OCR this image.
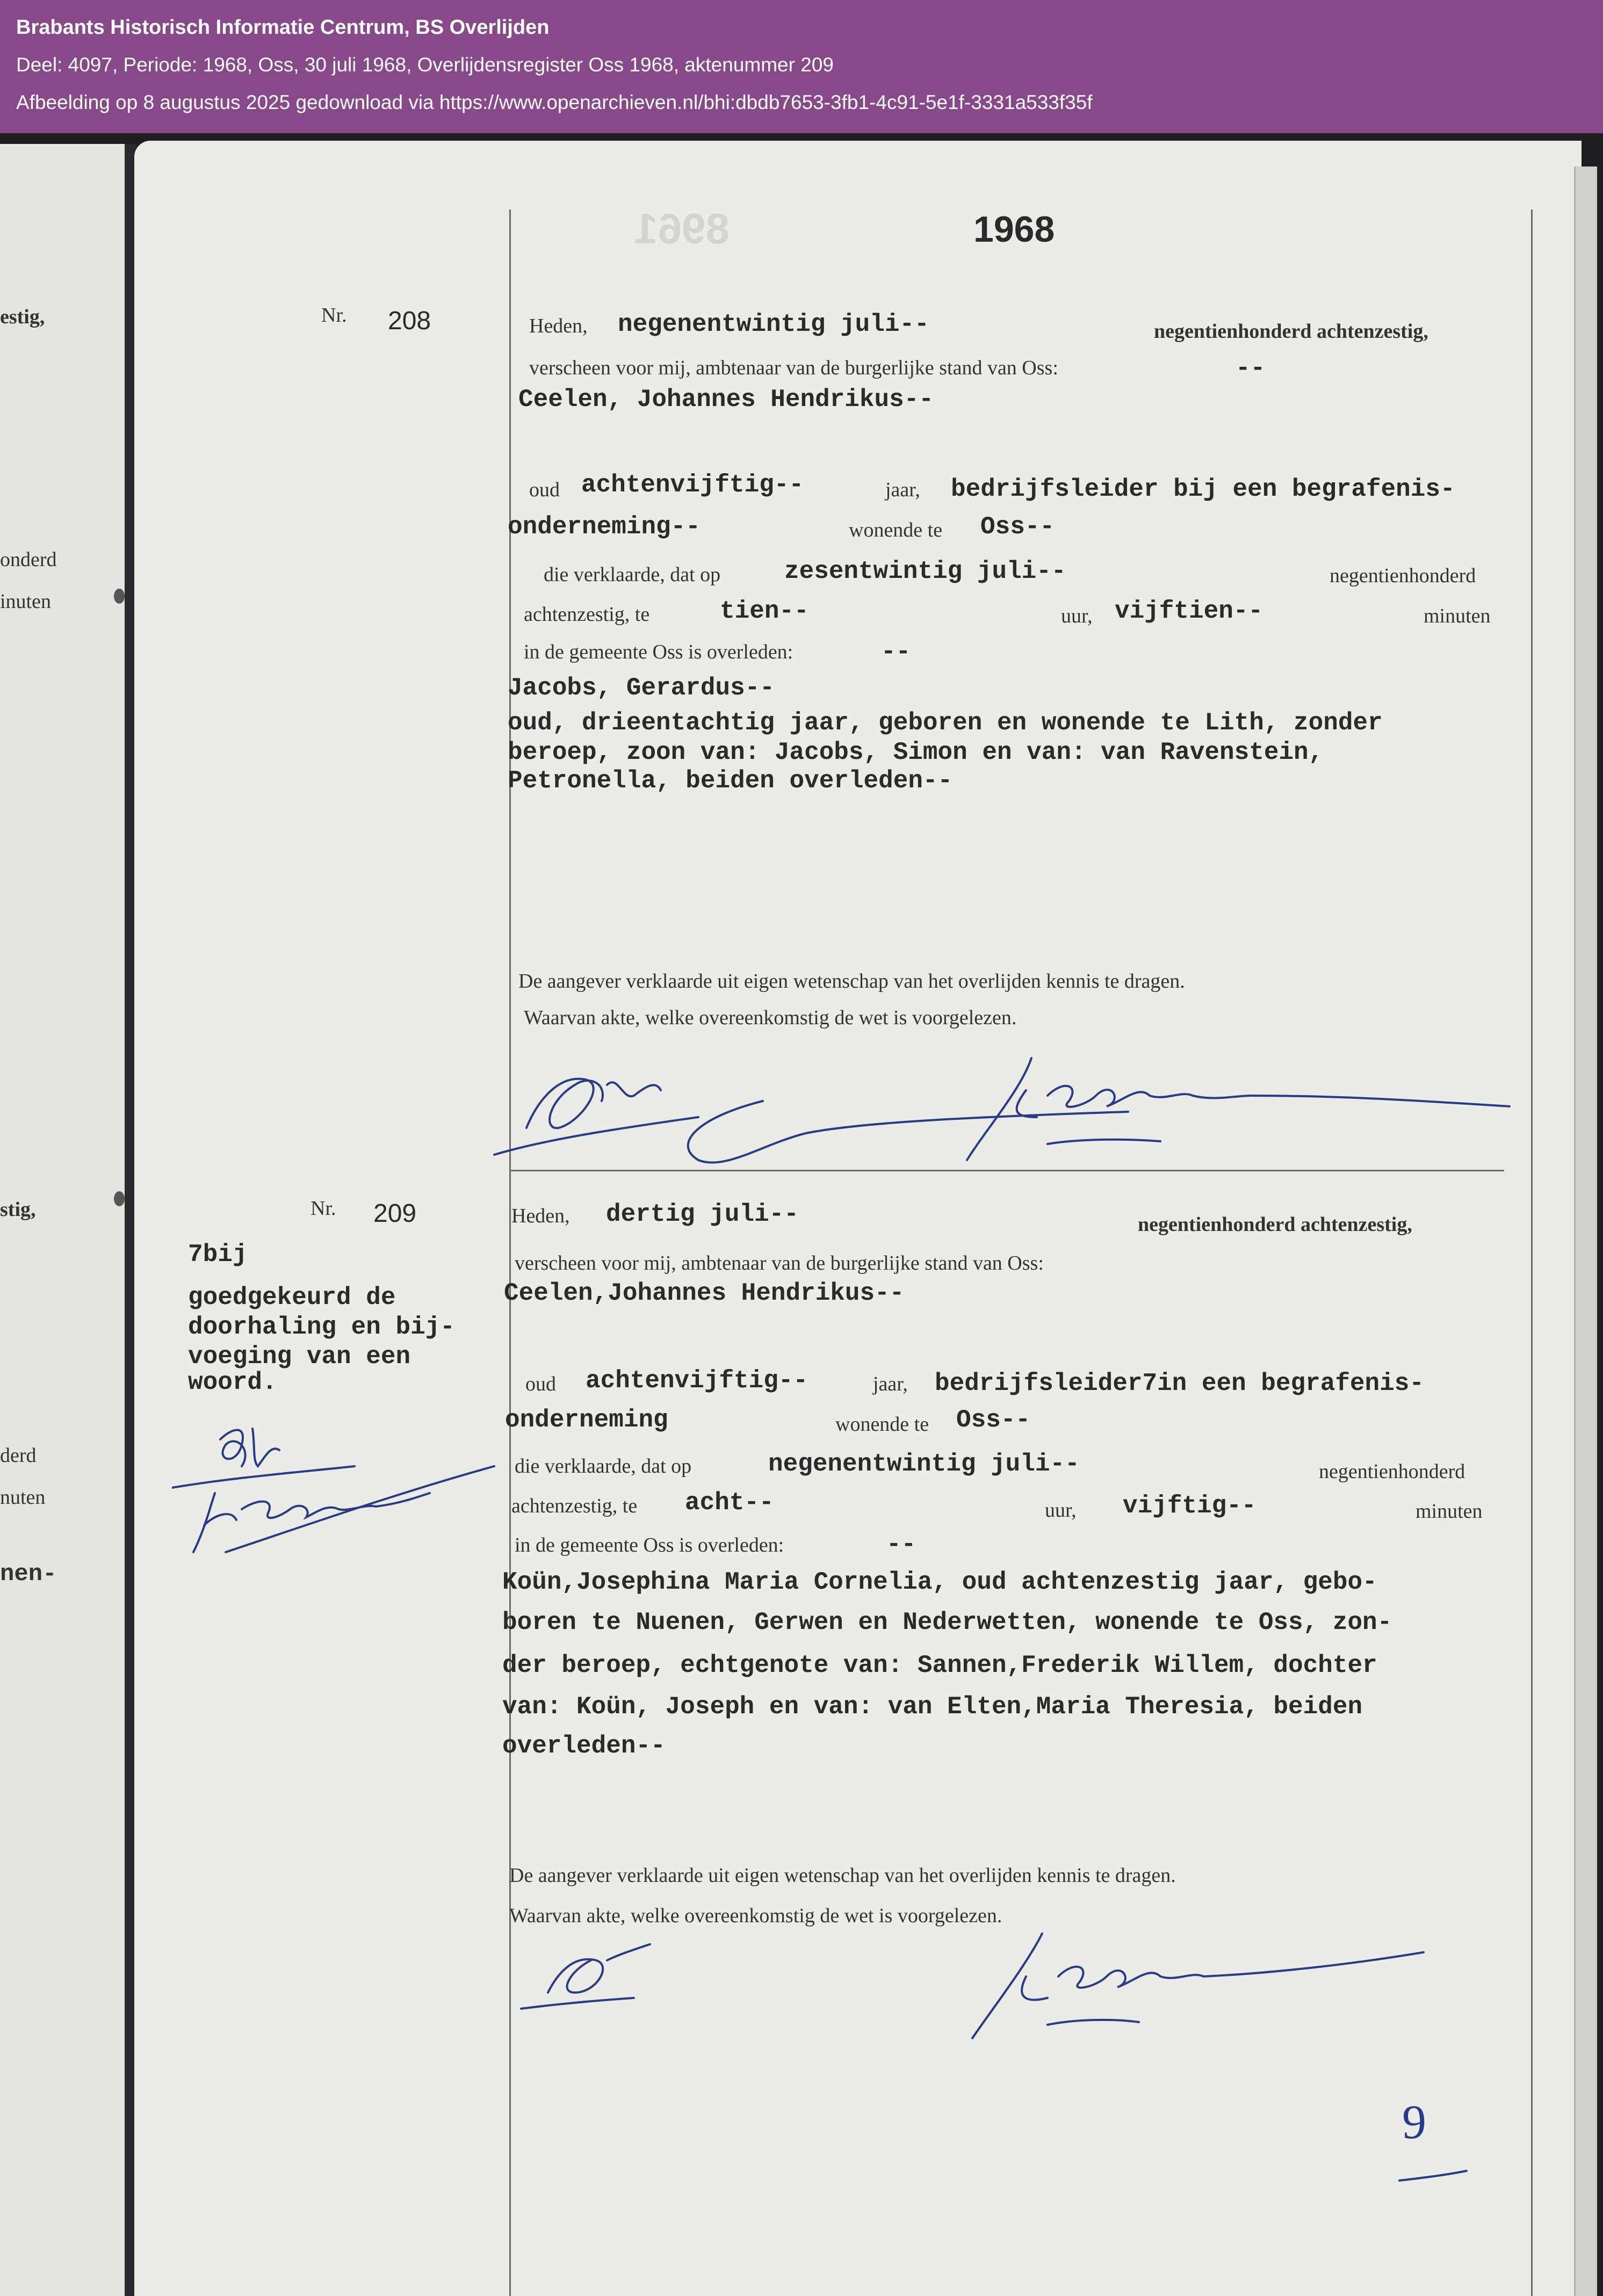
Brabants Historisch Informatie Centrum, BS Overlijden
Deel: 4097, Periode: 1968, Oss, 30 juli 1968, Overlijdensregister Oss 1968, aktenummer 209
Afbeelding op 8 augustus 2025 gedownload via https://www.openarchieven.nl/bhi:dbdb7653-3fb1-4c91-5e1f-3331a533f35f
estig,
onderd
inuten
stig,
derd
nuten
nen-
8961	1968
Nr. 208	Heden, negenentwintig juli--	negentienhonderd achtenzestig,
verscheen voor mij, ambtenaar van de burgerlijke stand van Oss:	--
Ceelen, Johannes Hendrikus--
oud achtenvijftig--	jaar, bedrijfsleider bij een begrafenis-
onderneming--	wonende te Oss--
die verklaarde, dat op	zesentwintig juli--	negentienhonderd
achtenzestig, te	tien--	uur, vijftien--	minuten
in de gemeente Oss is overleden:	--
Jacobs, Gerardus--
oud, drieentachtig jaar, geboren en wonende te Lith, zonder
beroep, zoon van: Jacobs, Simon en van: van Ravenstein,
Petronella, beiden overleden--
De aangever verklaarde uit eigen wetenschap van het overlijden kennis te dragen.
Waarvan akte, welke overeenkomstig de wet is voorgelezen.
Nr. 209
7bij
goedgekeurd de
doorhaling en bij-
voeging van een
woord.
Heden, dertig juli--	negentienhonderd achtenzestig,
verscheen voor mij, ambtenaar van de burgerlijke stand van Oss:
Ceelen,Johannes Hendrikus--
oud achtenvijftig--	jaar, bedrijfsleider7in een begrafenis-
onderneming	wonende te Oss--
die verklaarde, dat op	negenentwintig juli--	negentienhonderd
achtenzestig, te acht--	uur, vijftig--	minuten
in de gemeente Oss is overleden:	--
Koün,Josephina Maria Cornelia, oud achtenzestig jaar, gebo-
boren te Nuenen, Gerwen en Nederwetten, wonende te Oss, zon-
der beroep, echtgenote van: Sannen,Frederik Willem, dochter
van: Koün, Joseph en van: van Elten,Maria Theresia, beiden
overleden--
De aangever verklaarde uit eigen wetenschap van het overlijden kennis te dragen.
Waarvan akte, welke overeenkomstig de wet is voorgelezen.
9
